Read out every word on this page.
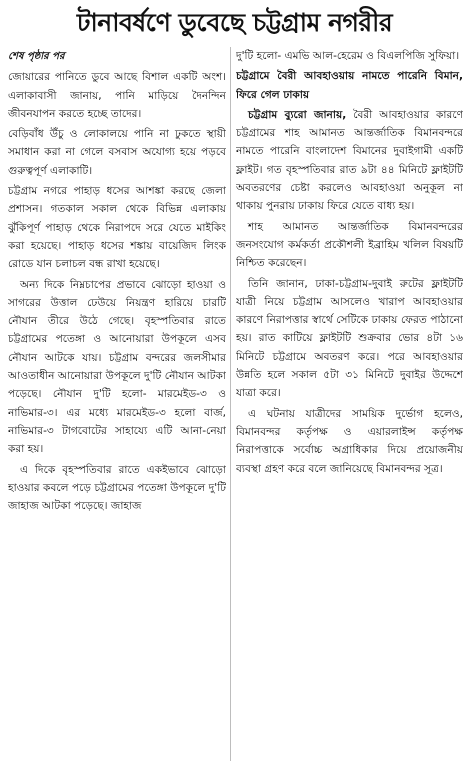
টানাবর্ষণে ডুবেছে চট্টগ্রাম নগরীর
শেষ পৃষ্ঠার পর
জোয়ারের পানিতে ডুবে আছে বিশাল একটি অংশ। এলাকাবাসী জানায়, পানি মাড়িয়ে দৈনন্দিন জীবনযাপন করতে হচ্ছে তাদের।
বেড়িবাঁধ উঁচু ও লোকালয়ে পানি না ঢুকতে স্থায়ী সমাধান করা না গেলে বসবাস অযোগ্য হয়ে পড়বে গুরুত্বপূর্ণ এলাকাটি।
চট্টগ্রাম নগরে পাহাড় ধসের আশঙ্কা করছে জেলা প্রশাসন। গতকাল সকাল থেকে বিভিন্ন এলাকায় ঝুঁকিপূর্ণ পাহাড় থেকে নিরাপদে সরে যেতে মাইকিং করা হয়েছে। পাহাড় ধসের শঙ্কায় বায়েজিদ লিংক রোডে যান চলাচল বন্ধ রাখা হয়েছে।
অন্য দিকে নিম্নচাপের প্রভাবে ঝোড়ো হাওয়া ও সাগরের উত্তাল ঢেউয়ে নিয়ন্ত্রণ হারিয়ে চারটি নৌযান তীরে উঠে গেছে। বৃহস্পতিবার রাতে চট্টগ্রামের পতেঙ্গা ও আনোয়ারা উপকূলে এসব নৌযান আটকে যায়। চট্টগ্রাম বন্দরের জলসীমার আওতাধীন আনোয়ারা উপকূলে দু'টি নৌযান আটকা পড়েছে। নৌযান দু'টি হলো- মারমেইড-৩ ও নাভিমার-৩। এর মধ্যে মারমেইড-৩ হলো বার্জ, নাভিমার-৩ টাগবোটের সাহায্যে এটি আনা-নেয়া করা হয়।
এ দিকে বৃহস্পতিবার রাতে একইভাবে ঝোড়ো হাওয়ার কবলে পড়ে চট্টগ্রামের পতেঙ্গা উপকূলে দু'টি জাহাজ আটকা পড়েছে। জাহাজ
দু'টি হলো- এমভি আল-হেরেম ও বিএলপিজি সুফিয়া।
চট্টগ্রামে বৈরী আবহাওয়ায় নামতে পারেনি বিমান, ফিরে গেল ঢাকায়
চট্টগ্রাম ব্যুরো জানায়, বৈরী আবহাওয়ার কারণে চট্টগ্রামের শাহ আমানত আন্তর্জাতিক বিমানবন্দরে নামতে পারেনি বাংলাদেশ বিমানের দুবাইগামী একটি ফ্লাইট। গত বৃহস্পতিবার রাত ৯টা ৪৪ মিনিটে ফ্লাইটটি অবতরণের চেষ্টা করলেও আবহাওয়া অনুকূল না থাকায় পুনরায় ঢাকায় ফিরে যেতে বাধ্য হয়।
শাহ আমানত আন্তর্জাতিক বিমানবন্দরের জনসংযোগ কর্মকর্তা প্রকৌশলী ইব্রাহিম খলিল বিষয়টি নিশ্চিত করেছেন।
তিনি জানান, ঢাকা-চট্টগ্রাম-দুবাই রুটের ফ্লাইটটি যাত্রী নিয়ে চট্টগ্রাম আসলেও খারাপ আবহাওয়ার কারণে নিরাপত্তার স্বার্থে সেটিকে ঢাকায় ফেরত পাঠানো হয়। রাত কাটিয়ে ফ্লাইটটি শুক্রবার ভোর ৪টা ১৬ মিনিটে চট্টগ্রামে অবতরণ করে। পরে আবহাওয়ার উন্নতি হলে সকাল ৫টা ৩১ মিনিটে দুবাইর উদ্দেশে যাত্রা করে।
এ ঘটনায় যাত্রীদের সাময়িক দুর্ভোগ হলেও, বিমানবন্দর কর্তৃপক্ষ ও এয়ারলাইন্স কর্তৃপক্ষ নিরাপত্তাকে সর্বোচ্চ অগ্রাধিকার দিয়ে প্রয়োজনীয় ব্যবস্থা গ্রহণ করে বলে জানিয়েছে বিমানবন্দর সূত্র।
